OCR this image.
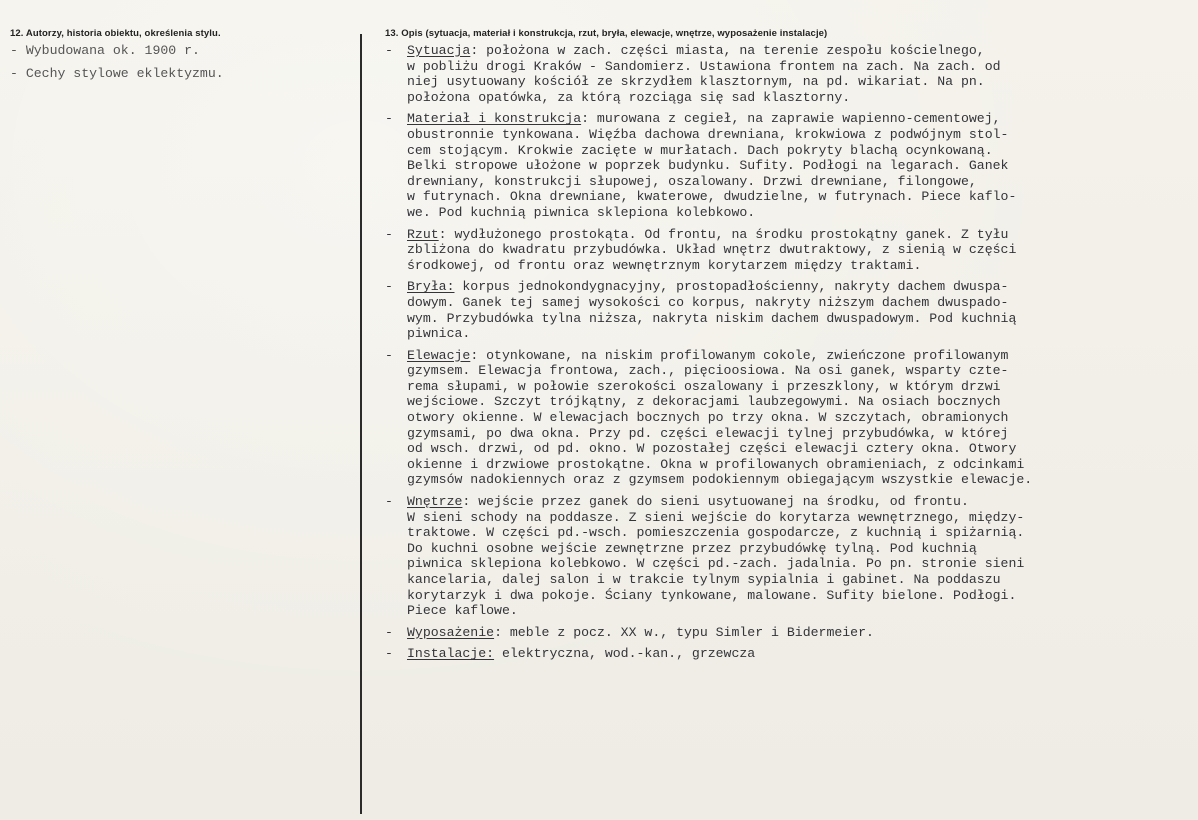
12. Autorzy, historia obiektu, określenia stylu.
- Wybudowana ok. 1900 r.
- Cechy stylowe eklektyzmu.
13. Opis (sytuacja, materiał i konstrukcja, rzut, bryła, elewacje, wnętrze, wyposażenie instalacje)
- Sytuacja: położona w zach. części miasta, na terenie zespołu kościelnego,
w pobliżu drogi Kraków - Sandomierz. Ustawiona frontem na zach. Na zach. od
niej usytuowany kościół ze skrzydłem klasztornym, na pd. wikariat. Na pn.
położona opatówka, za którą rozciąga się sad klasztorny.
- Materiał i konstrukcja: murowana z cegieł, na zaprawie wapienno-cementowej,
obustronnie tynkowana. Więźba dachowa drewniana, krokwiowa z podwójnym stol-
cem stojącym. Krokwie zacięte w murłatach. Dach pokryty blachą ocynkowaną.
Belki stropowe ułożone w poprzek budynku. Sufity. Podłogi na legarach. Ganek
drewniany, konstrukcji słupowej, oszalowany. Drzwi drewniane, filongowe,
w futrynach. Okna drewniane, kwaterowe, dwudzielne, w futrynach. Piece kaflo-
we. Pod kuchnią piwnica sklepiona kolebkowo.
- Rzut: wydłużonego prostokąta. Od frontu, na środku prostokątny ganek. Z tyłu
zbliżona do kwadratu przybudówka. Układ wnętrz dwutraktowy, z sienią w części
środkowej, od frontu oraz wewnętrznym korytarzem między traktami.
- Bryła: korpus jednokondygnacyjny, prostopadłościenny, nakryty dachem dwuspa-
dowym. Ganek tej samej wysokości co korpus, nakryty niższym dachem dwuspado-
wym. Przybudówka tylna niższa, nakryta niskim dachem dwuspadowym. Pod kuchnią
piwnica.
- Elewacje: otynkowane, na niskim profilowanym cokole, zwieńczone profilowanym
gzymsem. Elewacja frontowa, zach., pięcioosiowa. Na osi ganek, wsparty czte-
rema słupami, w połowie szerokości oszalowany i przeszklony, w którym drzwi
wejściowe. Szczyt trójkątny, z dekoracjami laubzegowymi. Na osiach bocznych
otwory okienne. W elewacjach bocznych po trzy okna. W szczytach, obramionych
gzymsami, po dwa okna. Przy pd. części elewacji tylnej przybudówka, w której
od wsch. drzwi, od pd. okno. W pozostałej części elewacji cztery okna. Otwory
okienne i drzwiowe prostokątne. Okna w profilowanych obramieniach, z odcinkami
gzymsów nadokiennych oraz z gzymsem podokiennym obiegającym wszystkie elewacje.
- Wnętrze: wejście przez ganek do sieni usytuowanej na środku, od frontu.
W sieni schody na poddasze. Z sieni wejście do korytarza wewnętrznego, między-
traktowe. W części pd.-wsch. pomieszczenia gospodarcze, z kuchnią i spiżarnią.
Do kuchni osobne wejście zewnętrzne przez przybudówkę tylną. Pod kuchnią
piwnica sklepiona kolebkowo. W części pd.-zach. jadalnia. Po pn. stronie sieni
kancelaria, dalej salon i w trakcie tylnym sypialnia i gabinet. Na poddaszu
korytarzyk i dwa pokoje. Ściany tynkowane, malowane. Sufity bielone. Podłogi.
Piece kaflowe.
- Wyposażenie: meble z pocz. XX w., typu Simler i Bidermeier.
- Instalacje: elektryczna, wod.-kan., grzewcza
